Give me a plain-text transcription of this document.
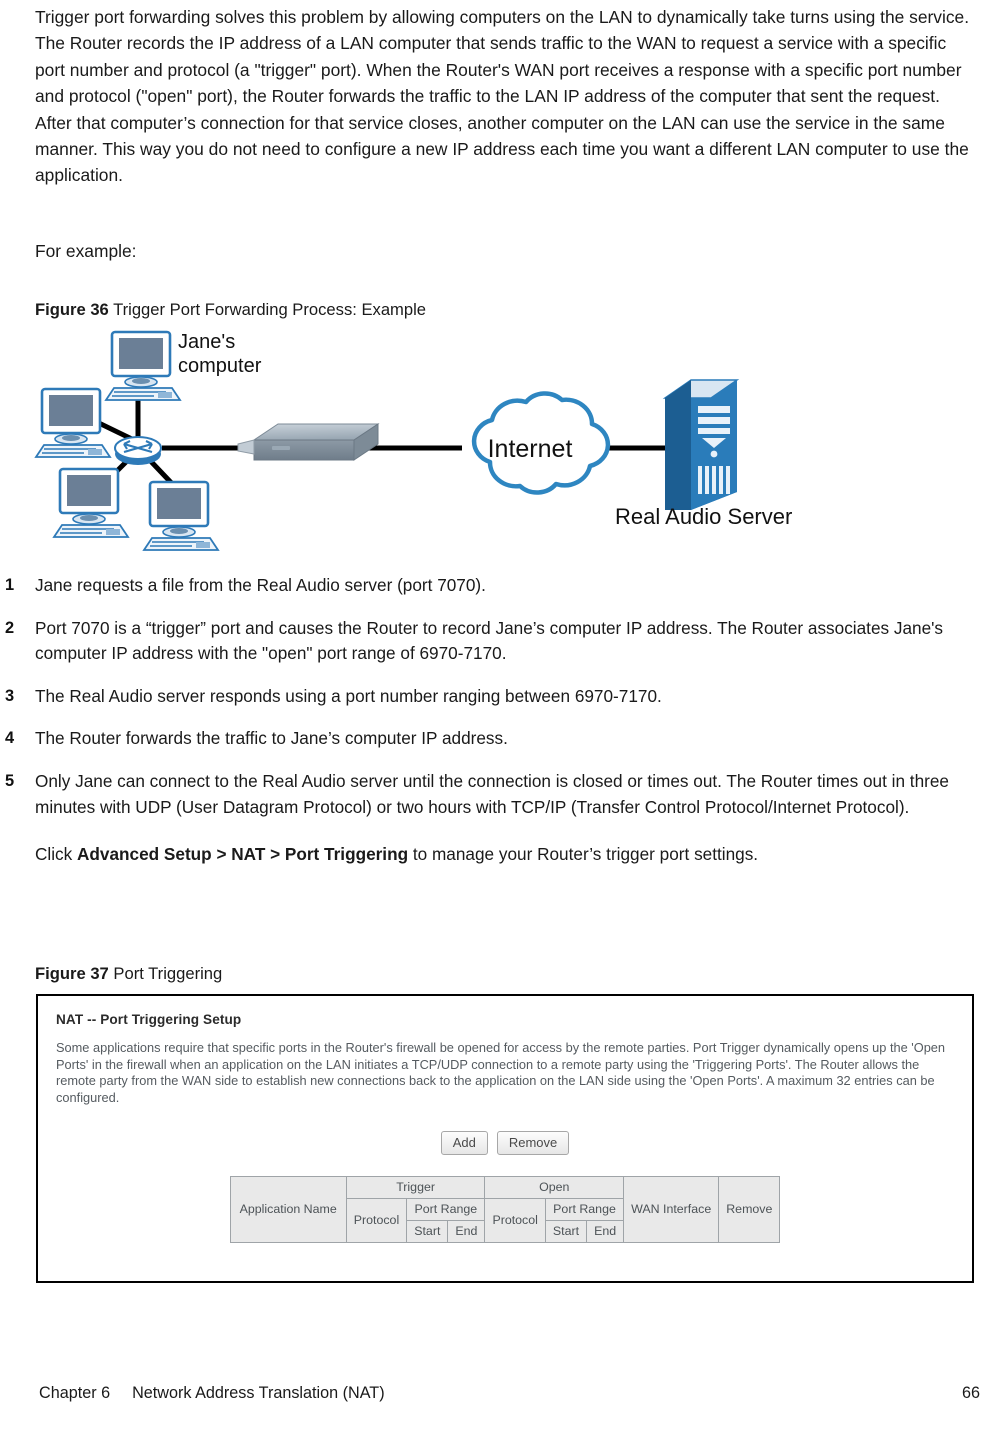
Trigger port forwarding solves this problem by allowing computers on the LAN to dynamically take turns using the service. The Router records the IP address of a LAN computer that sends traffic to the WAN to request a service with a specific port number and protocol (a "trigger" port). When the Router's WAN port receives a response with a specific port number and protocol ("open" port), the Router forwards the traffic to the LAN IP address of the computer that sent the request. After that computer’s connection for that service closes, another computer on the LAN can use the service in the same manner. This way you do not need to configure a new IP address each time you want a different LAN computer to use the application.
For example:
Figure 36 Trigger Port Forwarding Process: Example
Jane's
computer
Internet
Real Audio Server
1	Jane requests a file from the Real Audio server (port 7070).
2	Port 7070 is a “trigger” port and causes the Router to record Jane’s computer IP address. The Router associates Jane's computer IP address with the "open" port range of 6970-7170.
3	The Real Audio server responds using a port number ranging between 6970-7170.
4	The Router forwards the traffic to Jane’s computer IP address.
5	Only Jane can connect to the Real Audio server until the connection is closed or times out. The Router times out in three minutes with UDP (User Datagram Protocol) or two hours with TCP/IP (Transfer Control Protocol/Internet Protocol).
Click Advanced Setup > NAT > Port Triggering to manage your Router’s trigger port settings.
Figure 37 Port Triggering
NAT -- Port Triggering Setup
Some applications require that specific ports in the Router's firewall be opened for access by the remote parties. Port Trigger dynamically opens up the 'Open Ports' in the firewall when an application on the LAN initiates a TCP/UDP connection to a remote party using the 'Triggering Ports'. The Router allows the remote party from the WAN side to establish new connections back to the application on the LAN side using the 'Open Ports'. A maximum 32 entries can be configured.
Add	Remove
Application Name	Trigger			Open			WAN Interface	Remove
	Protocol	Port Range		Protocol	Port Range			
		Start	End		Start	End		
Chapter 6 Network Address Translation (NAT)	66
